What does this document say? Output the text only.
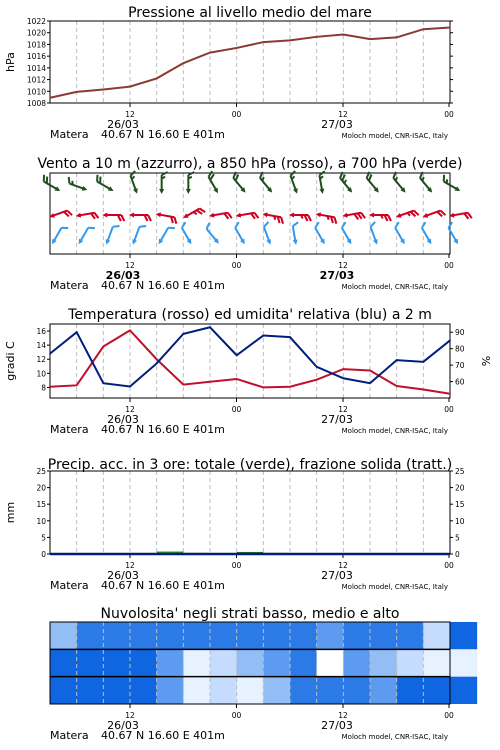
Pressione al livello medio del mare
12	00	12	00
26/03	27/03
Matera 40.67 N 16.60 E 401m	Moloch model, CNR-ISAC, Italy
1008
1010
1012
1014
1016
1018
1020
1022
hPa
Vento a 10 m (azzurro), a 850 hPa (rosso), a 700 hPa (verde)
12	00	12	00
26/03	27/03
Matera 40.67 N 16.60 E 401m	Moloch model, CNR-ISAC, Italy
Temperatura (rosso) ed umidita' relativa (blu) a 2 m
12	00	12	00
26/03	27/03
Matera 40.67 N 16.60 E 401m	Moloch model, CNR-ISAC, Italy
8
10
12
14
16
60
70
80
90
gradi C	%
Precip. acc. in 3 ore: totale (verde), frazione solida (tratt.)
12	00	12	00
26/03	27/03
Matera 40.67 N 16.60 E 401m	Moloch model, CNR-ISAC, Italy
0	0
5	5
10	10
15	15
20	20
25	25
mm
Nuvolosita' negli strati basso, medio e alto
12	00	12	00
26/03	27/03
Matera 40.67 N 16.60 E 401m	Moloch model, CNR-ISAC, Italy
